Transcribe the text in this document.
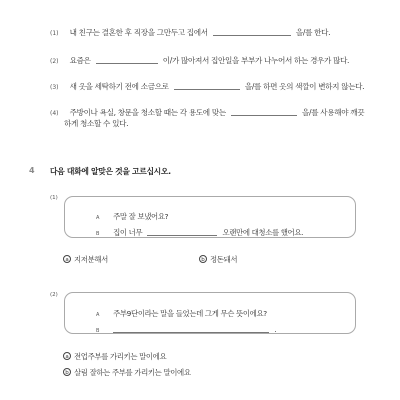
(1) 내 친구는 결혼한 후 직장을 그만두고 집에서	을/를 한다.
(2) 요즘은	이/가 많아져서 집안일을 부부가 나누어서 하는 경우가 많다.
(3) 새 옷을 세탁하기 전에 소금으로	을/를 하면 옷의 색깔이 변하지 않는다.
(4) 주방이나 욕실, 창문을 청소할 때는 각 용도에 맞는	을/를 사용해야 깨끗
하게 청소할 수 있다.
4 다음 대화에 알맞은 것을 고르십시오.
(1)
A 주말 잘 보냈어요?
B 집이 너무	오랜만에 대청소를 했어요.
a 지저분해서	b 정돈돼서
(2)
A 주부9단이라는 말을 들었는데 그게 무슨 뜻이에요?
B	.
a 전업주부를 가리키는 말이에요
b 살림 잘하는 주부를 가리키는 말이에요
